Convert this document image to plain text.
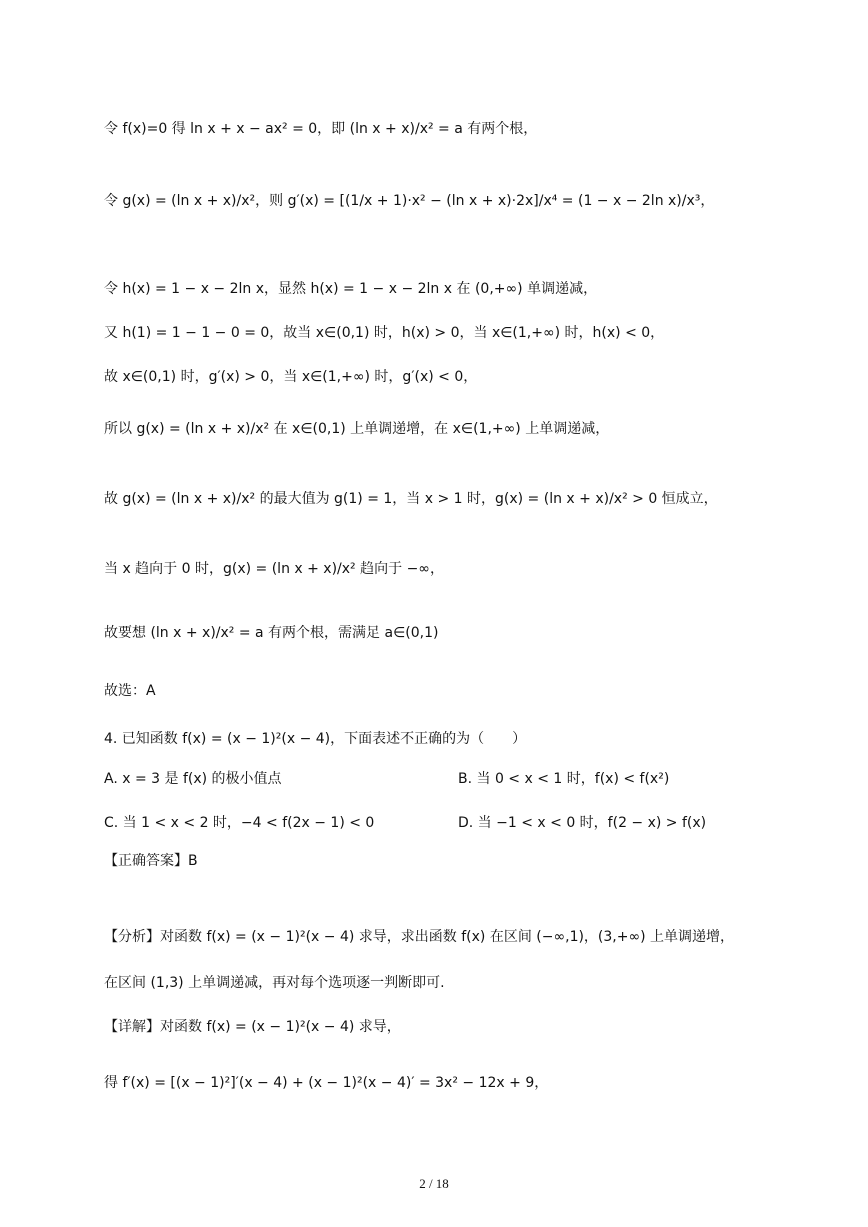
令 f(x)=0 得 ln x + x − ax² = 0，即 (ln x + x)/x² = a 有两个根，
令 g(x) = (ln x + x)/x²，则 g′(x) = [(1/x + 1)·x² − (ln x + x)·2x]/x⁴ = (1 − x − 2ln x)/x³，
令 h(x) = 1 − x − 2ln x，显然 h(x) = 1 − x − 2ln x 在 (0,+∞) 单调递减，
又 h(1) = 1 − 1 − 0 = 0，故当 x∈(0,1) 时，h(x) > 0，当 x∈(1,+∞) 时，h(x) < 0，
故 x∈(0,1) 时，g′(x) > 0，当 x∈(1,+∞) 时，g′(x) < 0，
所以 g(x) = (ln x + x)/x² 在 x∈(0,1) 上单调递增，在 x∈(1,+∞) 上单调递减，
故 g(x) = (ln x + x)/x² 的最大值为 g(1) = 1，当 x > 1 时，g(x) = (ln x + x)/x² > 0 恒成立，
当 x 趋向于 0 时，g(x) = (ln x + x)/x² 趋向于 −∞，
故要想 (ln x + x)/x² = a 有两个根，需满足 a∈(0,1)
故选：A
4. 已知函数 f(x) = (x − 1)²(x − 4)，下面表述不正确的为（　　）
【正确答案】B
【分析】对函数 f(x) = (x − 1)²(x − 4) 求导，求出函数 f(x) 在区间 (−∞,1)，(3,+∞) 上单调递增，
在区间 (1,3) 上单调递减，再对每个选项逐一判断即可.
【详解】对函数 f(x) = (x − 1)²(x − 4) 求导，
得 f′(x) = [(x − 1)²]′(x − 4) + (x − 1)²(x − 4)′ = 3x² − 12x + 9，
A. x = 3 是 f(x) 的极小值点	B. 当 0 < x < 1 时，f(x) < f(x²)
C. 当 1 < x < 2 时，−4 < f(2x − 1) < 0	D. 当 −1 < x < 0 时，f(2 − x) > f(x)
2 / 18
